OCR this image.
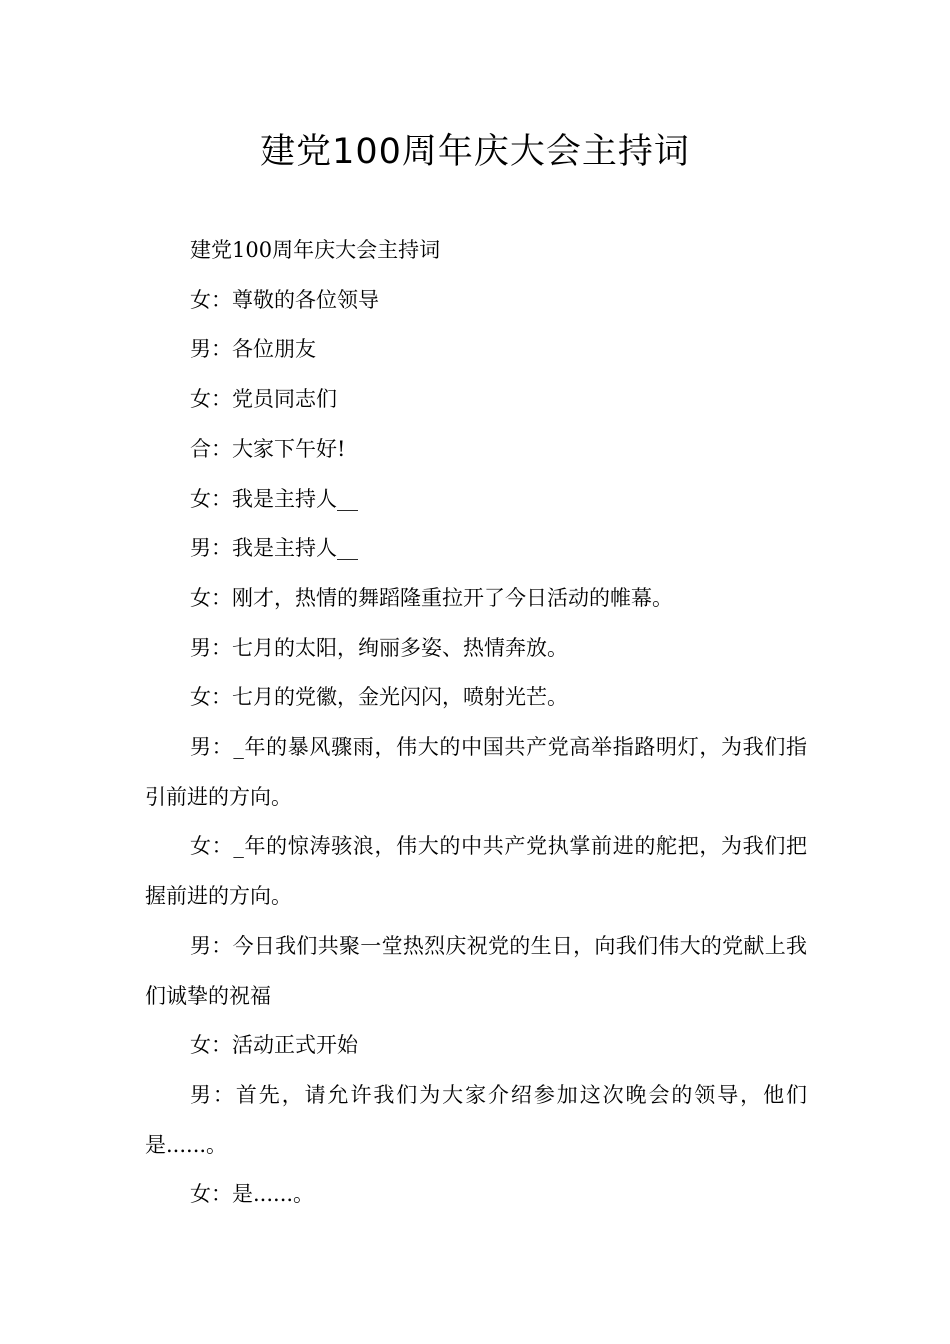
建党100周年庆大会主持词

建党100周年庆大会主持词

女：尊敬的各位领导

男：各位朋友

女：党员同志们

合：大家下午好!

女：我是主持人__

男：我是主持人__

女：刚才，热情的舞蹈隆重拉开了今日活动的帷幕。

男：七月的太阳，绚丽多姿、热情奔放。

女：七月的党徽，金光闪闪，喷射光芒。

男：_年的暴风骤雨，伟大的中国共产党高举指路明灯，为我们指引前进的方向。

女：_年的惊涛骇浪，伟大的中共产党执掌前进的舵把，为我们把握前进的方向。

男：今日我们共聚一堂热烈庆祝党的生日，向我们伟大的党献上我们诚挚的祝福

女：活动正式开始

男：首先，请允许我们为大家介绍参加这次晚会的领导，他们是......。

女：是......。
